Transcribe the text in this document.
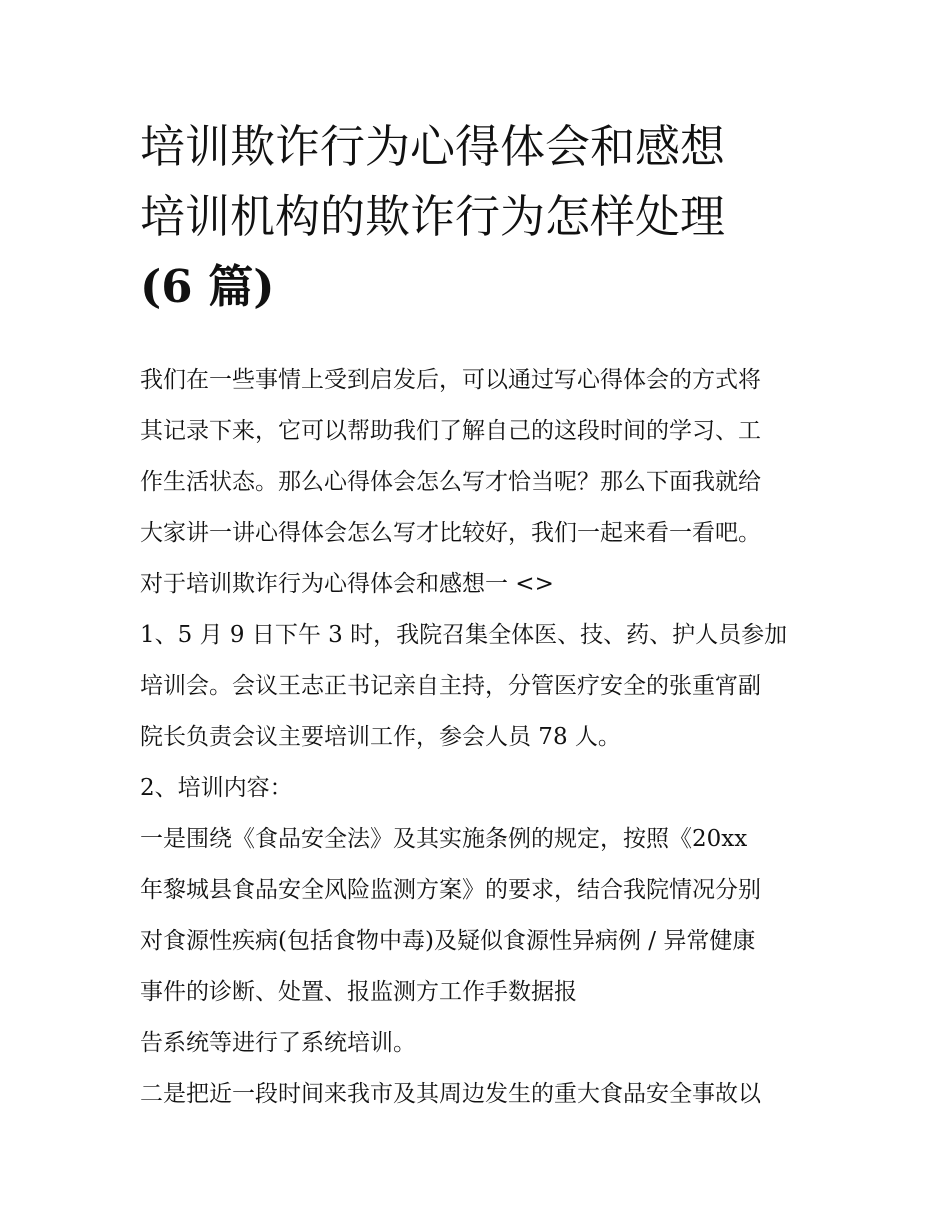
培训欺诈行为心得体会和感想
培训机构的欺诈行为怎样处理
(6 篇)
我们在一些事情上受到启发后，可以通过写心得体会的方式将
其记录下来，它可以帮助我们了解自己的这段时间的学习、工
作生活状态。那么心得体会怎么写才恰当呢？那么下面我就给
大家讲一讲心得体会怎么写才比较好，我们一起来看一看吧。
对于培训欺诈行为心得体会和感想一 <>
1、5 月 9 日下午 3 时，我院召集全体医、技、药、护人员参加
培训会。会议王志正书记亲自主持，分管医疗安全的张重宵副
院长负责会议主要培训工作，参会人员 78 人。
2、培训内容：
一是围绕《食品安全法》及其实施条例的规定，按照《20xx
年黎城县食品安全风险监测方案》的要求，结合我院情况分别
对食源性疾病(包括食物中毒)及疑似食源性异病例 / 异常健康
事件的诊断、处置、报监测方工作手数据报
告系统等进行了系统培训。
二是把近一段时间来我市及其周边发生的重大食品安全事故以
